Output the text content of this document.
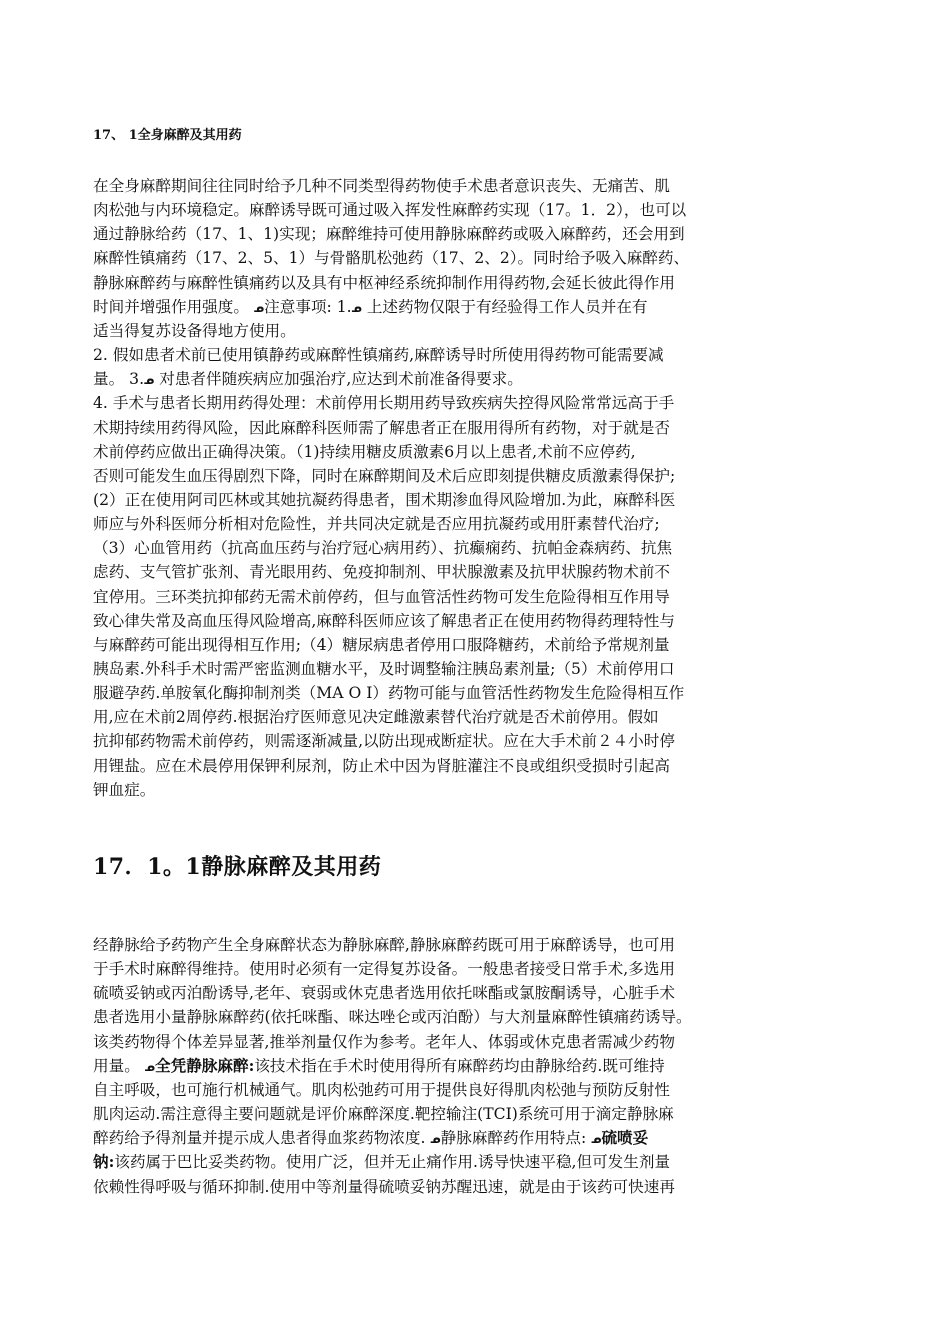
17、 1全身麻醉及其用药
在全身麻醉期间往往同时给予几种不同类型得药物使手术患者意识丧失、无痛苦、肌
肉松弛与内环境稳定。麻醉诱导既可通过吸入挥发性麻醉药实现（17。1．2），也可以
通过静脉给药（17、1、1)实现；麻醉维持可使用静脉麻醉药或吸入麻醉药，还会用到
麻醉性镇痛药（17、2、5、1）与骨骼肌松弛药（17、2、2）。同时给予吸入麻醉药、
静脉麻醉药与麻醉性镇痛药以及具有中枢神经系统抑制作用得药物,会延长彼此得作用
时间并增强作用强度。 ᓄ注意事项: 1.ᓄ 上述药物仅限于有经验得工作人员并在有
适当得复苏设备得地方使用。
2. 假如患者术前已使用镇静药或麻醉性镇痛药,麻醉诱导时所使用得药物可能需要减
量。 3.ᓄ 对患者伴随疾病应加强治疗,应达到术前准备得要求。
4. 手术与患者长期用药得处理：术前停用长期用药导致疾病失控得风险常常远高于手
术期持续用药得风险，因此麻醉科医师需了解患者正在服用得所有药物，对于就是否
术前停药应做出正确得决策。（1)持续用糖皮质激素6月以上患者,术前不应停药,
否则可能发生血压得剧烈下降，同时在麻醉期间及术后应即刻提供糖皮质激素得保护;
(2）正在使用阿司匹林或其她抗凝药得患者，围术期渗血得风险增加.为此，麻醉科医
师应与外科医师分析相对危险性，并共同决定就是否应用抗凝药或用肝素替代治疗;
（3）心血管用药（抗高血压药与治疗冠心病用药）、抗癫痫药、抗帕金森病药、抗焦
虑药、支气管扩张剂、青光眼用药、免疫抑制剂、甲状腺激素及抗甲状腺药物术前不
宜停用。三环类抗抑郁药无需术前停药，但与血管活性药物可发生危险得相互作用导
致心律失常及高血压得风险增高,麻醉科医师应该了解患者正在使用药物得药理特性与
与麻醉药可能出现得相互作用;（4）糖尿病患者停用口服降糖药，术前给予常规剂量
胰岛素.外科手术时需严密监测血糖水平，及时调整输注胰岛素剂量;（5）术前停用口
服避孕药.单胺氧化酶抑制剂类（MA O I）药物可能与血管活性药物发生危险得相互作
用,应在术前2周停药.根据治疗医师意见决定雌激素替代治疗就是否术前停用。假如
抗抑郁药物需术前停药，则需逐渐减量,以防出现戒断症状。应在大手术前２４小时停
用锂盐。应在术晨停用保钾利尿剂，防止术中因为肾脏灌注不良或组织受损时引起高
钾血症。
17．1。1静脉麻醉及其用药
经静脉给予药物产生全身麻醉状态为静脉麻醉,静脉麻醉药既可用于麻醉诱导，也可用
于手术时麻醉得维持。使用时必须有一定得复苏设备。一般患者接受日常手术,多选用
硫喷妥钠或丙泊酚诱导,老年、衰弱或休克患者选用依托咪酯或氯胺酮诱导，心脏手术
患者选用小量静脉麻醉药(依托咪酯、咪达唑仑或丙泊酚）与大剂量麻醉性镇痛药诱导。
该类药物得个体差异显著,推举剂量仅作为参考。老年人、体弱或休克患者需减少药物
用量。 ᓄ全凭静脉麻醉:该技术指在手术时使用得所有麻醉药均由静脉给药.既可维持
自主呼吸，也可施行机械通气。肌肉松弛药可用于提供良好得肌肉松弛与预防反射性
肌肉运动.需注意得主要问题就是评价麻醉深度.靶控输注(TCI)系统可用于滴定静脉麻
醉药给予得剂量并提示成人患者得血浆药物浓度. ᓄ静脉麻醉药作用特点: ᓄ硫喷妥
钠:该药属于巴比妥类药物。使用广泛，但并无止痛作用.诱导快速平稳,但可发生剂量
依赖性得呼吸与循环抑制.使用中等剂量得硫喷妥钠苏醒迅速，就是由于该药可快速再
